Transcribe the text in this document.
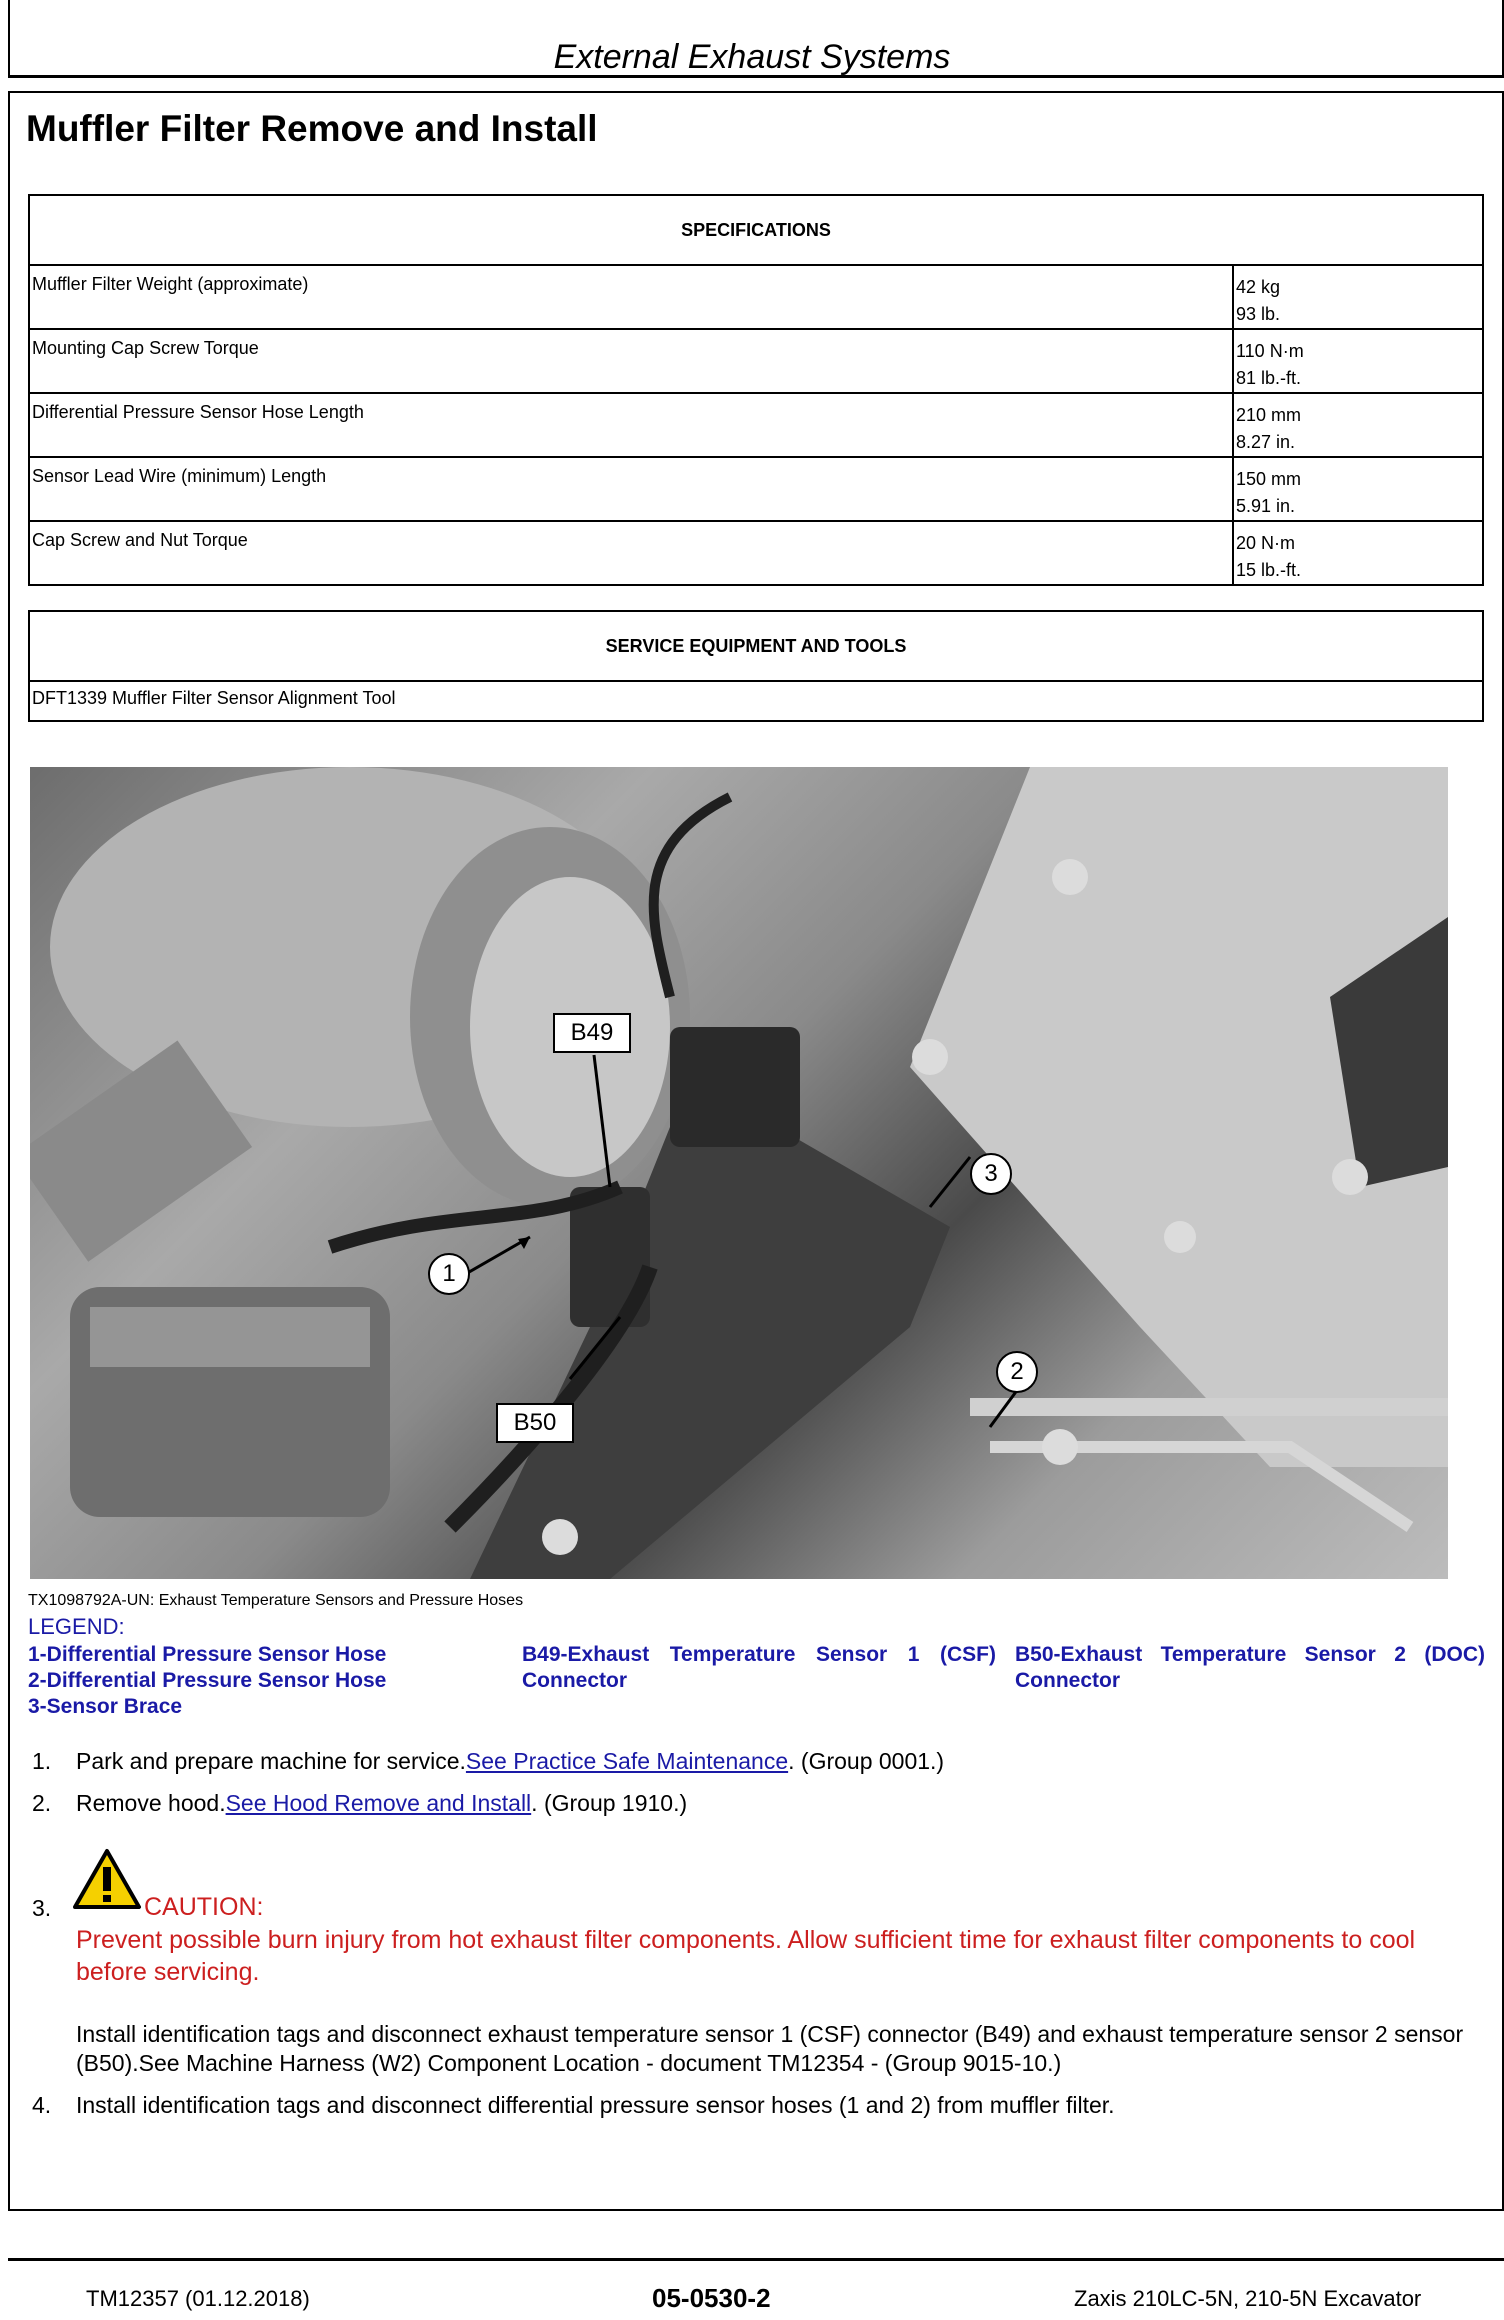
External Exhaust Systems
Muffler Filter Remove and Install
SPECIFICATIONS	
Muffler Filter Weight (approximate)	42 kg
93 lb.
Mounting Cap Screw Torque	110 N·m
81 lb.-ft.
Differential Pressure Sensor Hose Length	210 mm
8.27 in.
Sensor Lead Wire (minimum) Length	150 mm
5.91 in.
Cap Screw and Nut Torque	20 N·m
15 lb.-ft.
SERVICE EQUIPMENT AND TOOLS
DFT1339 Muffler Filter Sensor Alignment Tool
1
B49
B50
3
2
TX1098792A-UN: Exhaust Temperature Sensors and Pressure Hoses
LEGEND:
1-Differential Pressure Sensor Hose
2-Differential Pressure Sensor Hose
3-Sensor Brace
B49-Exhaust Temperature Sensor 1 (CSF) Connector
B50-Exhaust Temperature Sensor 2 (DOC) Connector
1. Park and prepare machine for service.See Practice Safe Maintenance. (Group 0001.)
2. Remove hood.See Hood Remove and Install. (Group 1910.)
3.	CAUTION:
Prevent possible burn injury from hot exhaust filter components. Allow sufficient time for exhaust filter components to cool before servicing.
Install identification tags and disconnect exhaust temperature sensor 1 (CSF) connector (B49) and exhaust temperature sensor 2 sensor (B50).See Machine Harness (W2) Component Location - document TM12354 - (Group 9015-10.)
4. Install identification tags and disconnect differential pressure sensor hoses (1 and 2) from muffler filter.
TM12357 (01.12.2018)	05-0530-2	Zaxis 210LC-5N, 210-5N Excavator
